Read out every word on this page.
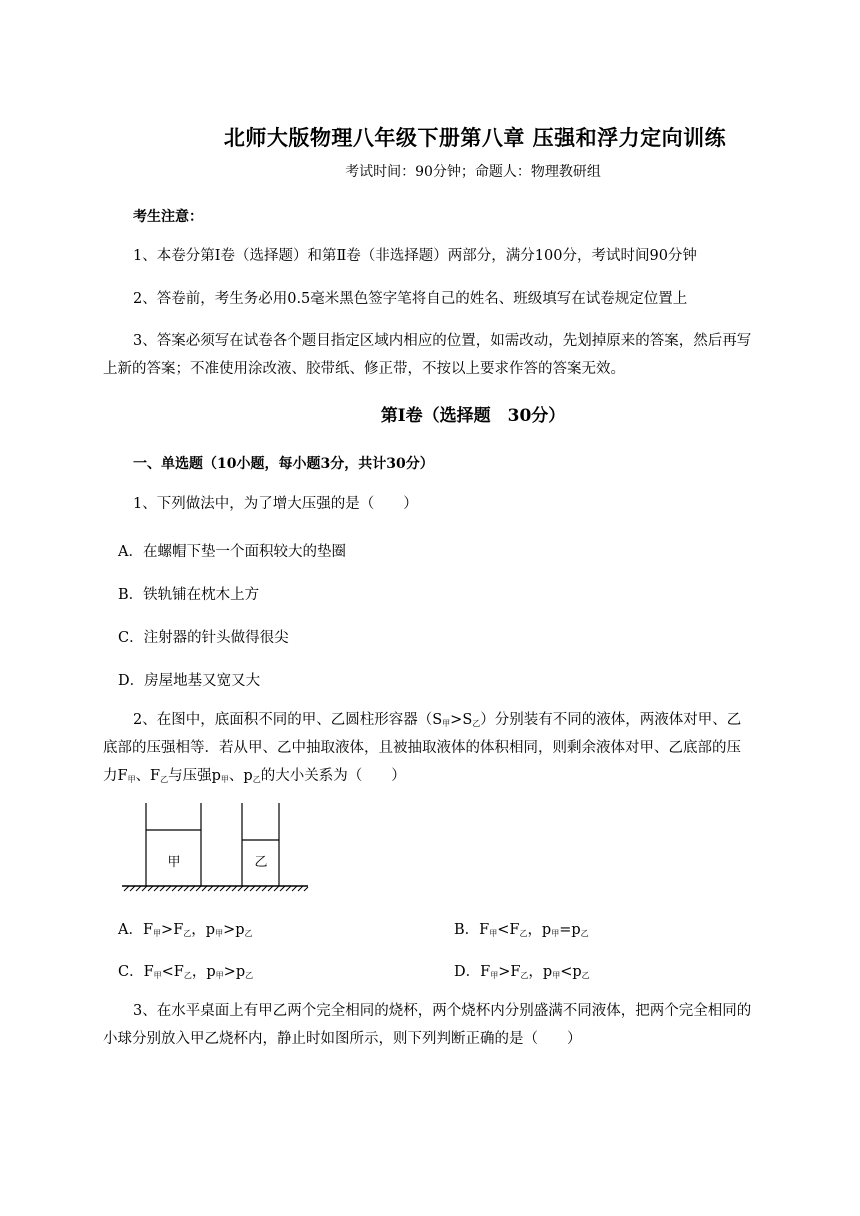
北师大版物理八年级下册第八章 压强和浮力定向训练
考试时间：90分钟；命题人：物理教研组
考生注意：
1、本卷分第Ⅰ卷（选择题）和第Ⅱ卷（非选择题）两部分，满分100分，考试时间90分钟
2、答卷前，考生务必用0.5毫米黑色签字笔将自己的姓名、班级填写在试卷规定位置上
3、答案必须写在试卷各个题目指定区域内相应的位置，如需改动，先划掉原来的答案，然后再写
上新的答案；不准使用涂改液、胶带纸、修正带，不按以上要求作答的答案无效。
第Ⅰ卷（选择题　30分）
一、单选题（10小题，每小题3分，共计30分）
1、下列做法中，为了增大压强的是（　　）
A．在螺帽下垫一个面积较大的垫圈
B．铁轨铺在枕木上方
C．注射器的针头做得很尖
D．房屋地基又宽又大
2、在图中，底面积不同的甲、乙圆柱形容器$(S_甲>S_乙)$分别装有不同的液体，两液体对甲、乙
底部的压强相等．若从甲、乙中抽取液体，且被抽取液体的体积相同，则剩余液体对甲、乙底部的压
力$F_甲$、$F_乙$与压强$p_甲$、$p_乙$的大小关系为（　　）
甲	乙
A．$F_甲>F_乙$，$p_甲>p_乙$	B．$F_甲<F_乙$，$p_甲=p_乙$
C．$F_甲<F_乙$，$p_甲>p_乙$	D．$F_甲>F_乙$，$p_甲<p_乙$
3、在水平桌面上有甲乙两个完全相同的烧杯，两个烧杯内分别盛满不同液体，把两个完全相同的
小球分别放入甲乙烧杯内，静止时如图所示，则下列判断正确的是（　　）
